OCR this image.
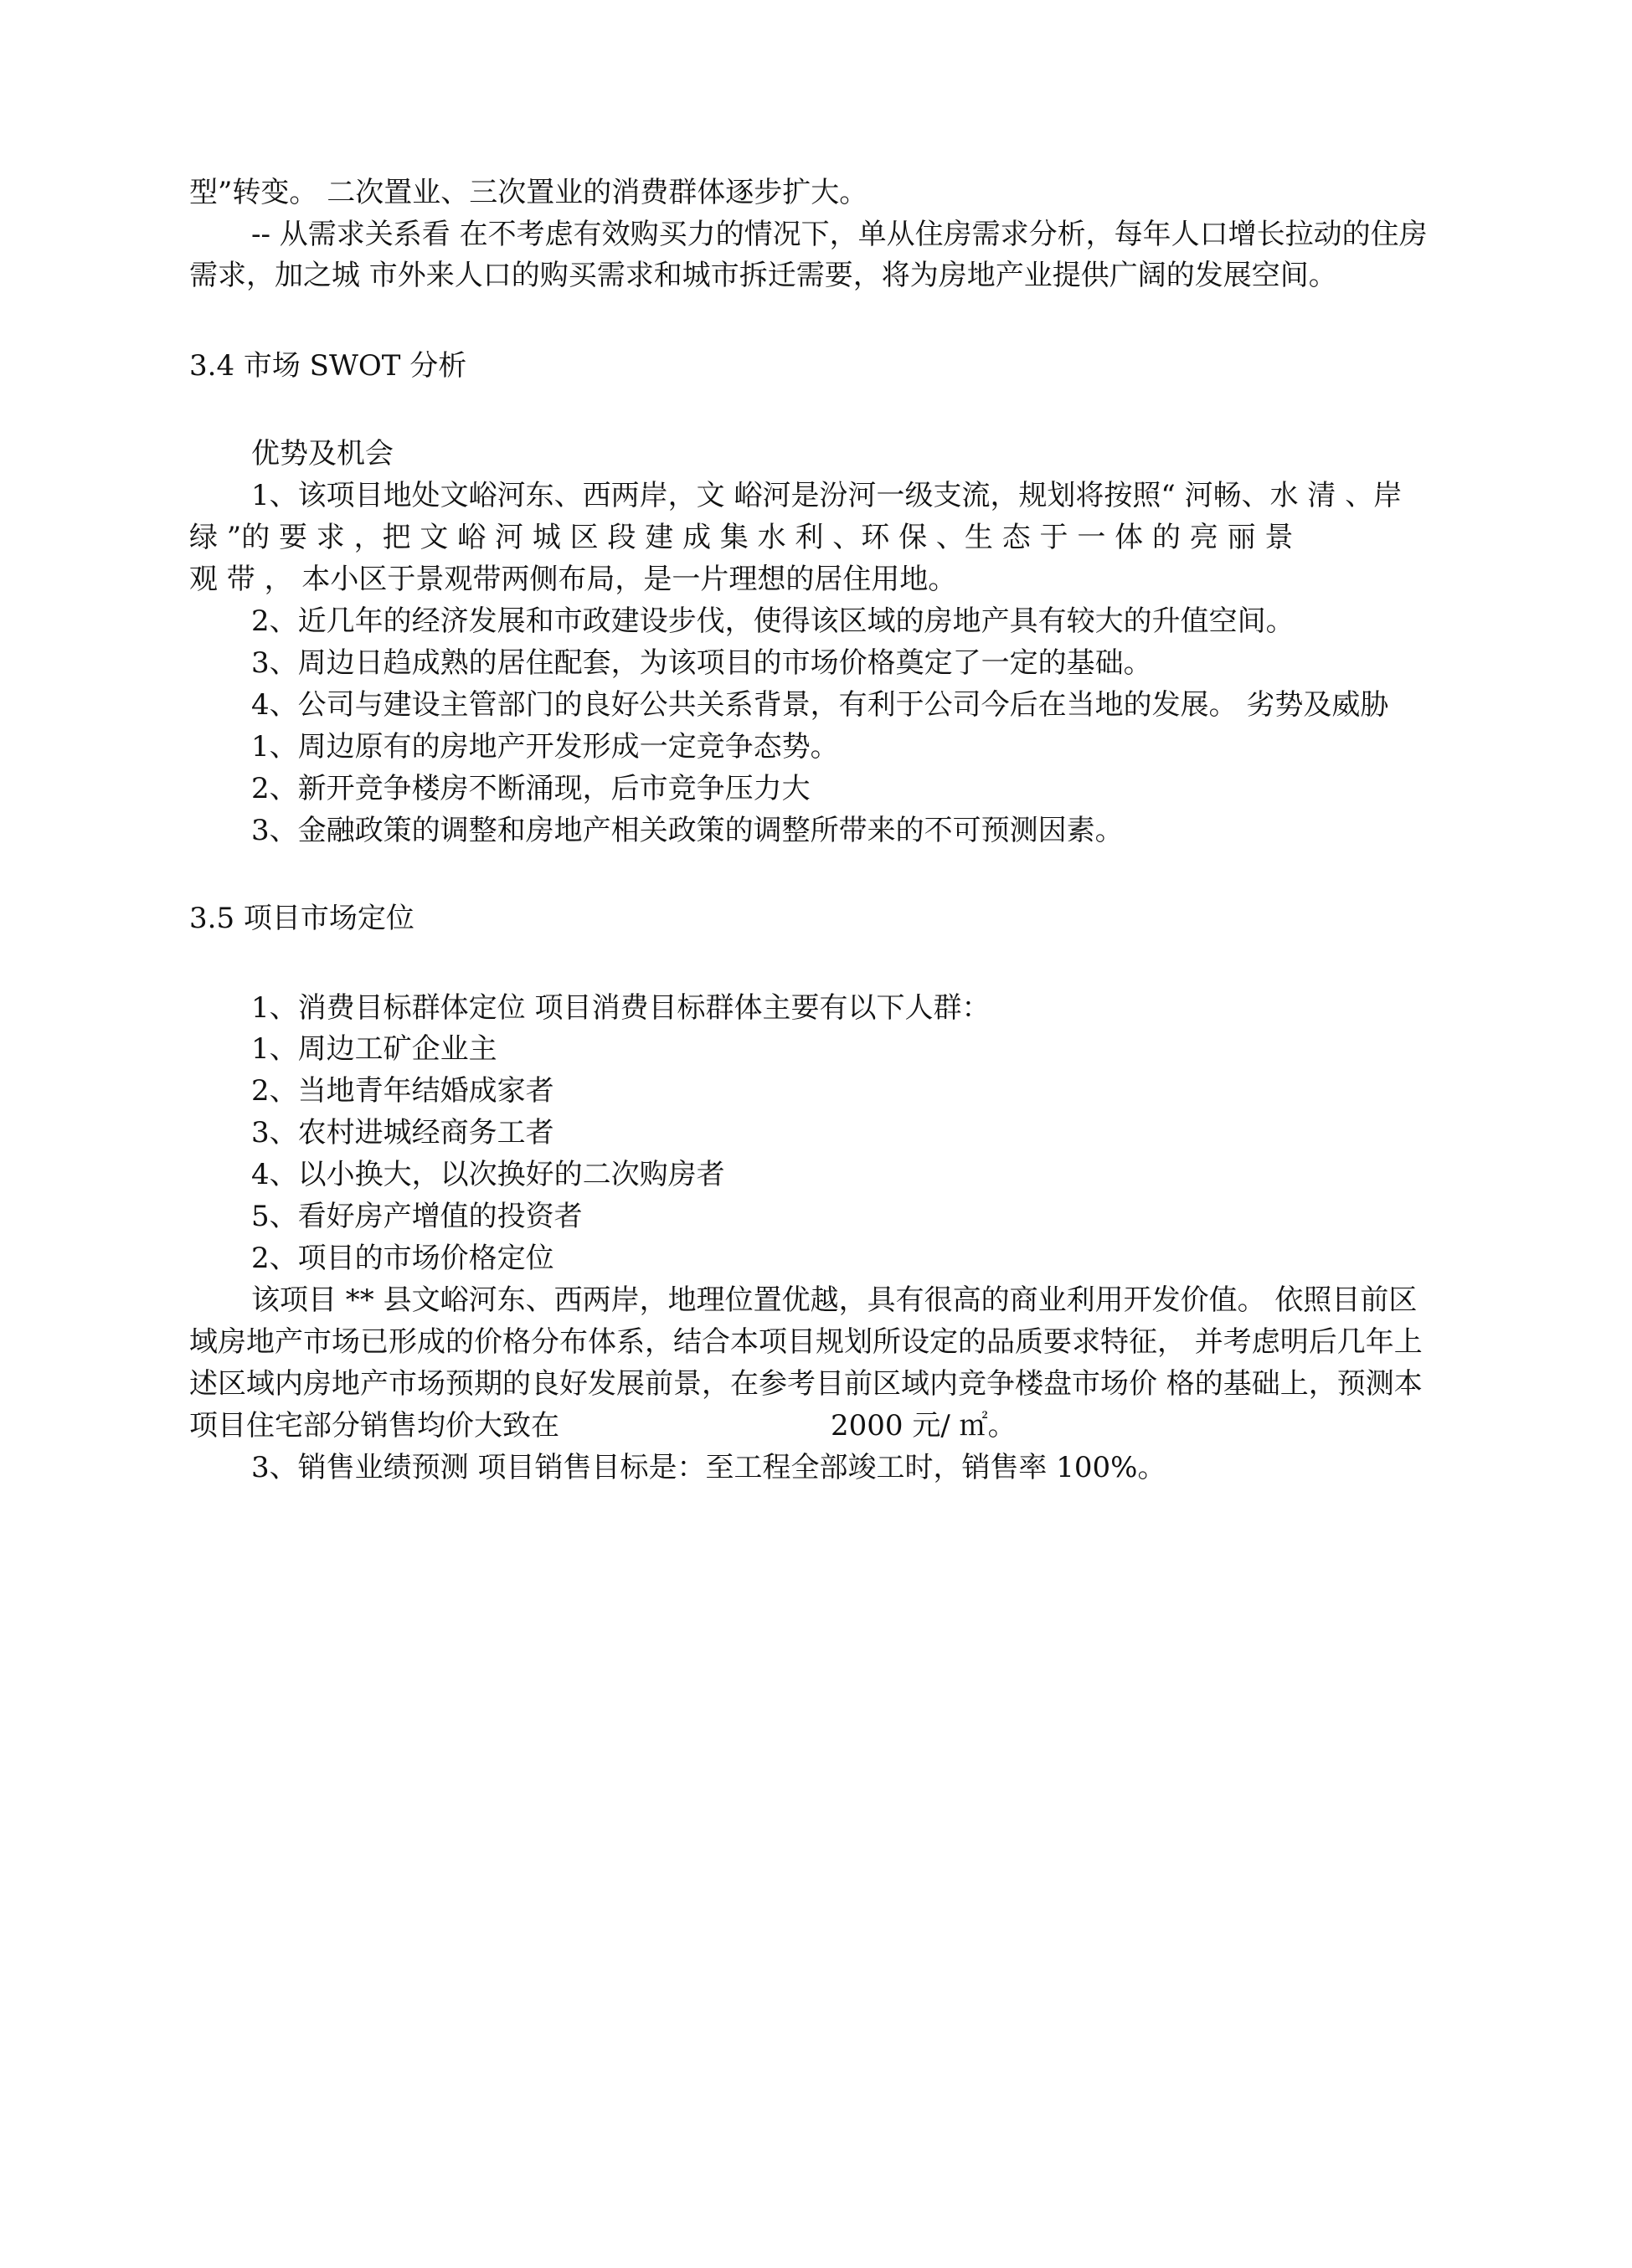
型”转变。 二次置业、三次置业的消费群体逐步扩大。
-- 从需求关系看 在不考虑有效购买力的情况下，单从住房需求分析，每年人口增长拉动的住房
需求，加之城 市外来人口的购买需求和城市拆迁需要，将为房地产业提供广阔的发展空间。
3.4 市场 SWOT 分析
优势及机会
1、该项目地处文峪河东、西两岸，文 峪河是汾河一级支流，规划将按照“ 河畅、水 清 、岸
绿 ”的 要 求 ，把 文 峪 河 城 区 段 建 成 集 水 利 、环 保 、生 态 于 一 体 的 亮 丽 景
观 带 ， 本小区于景观带两侧布局，是一片理想的居住用地。
2、近几年的经济发展和市政建设步伐，使得该区域的房地产具有较大的升值空间。
3、周边日趋成熟的居住配套，为该项目的市场价格奠定了一定的基础。
4、公司与建设主管部门的良好公共关系背景，有利于公司今后在当地的发展。 劣势及威胁
1、周边原有的房地产开发形成一定竞争态势。
2、新开竞争楼房不断涌现，后市竞争压力大
3、金融政策的调整和房地产相关政策的调整所带来的不可预测因素。
3.5 项目市场定位
1、消费目标群体定位 项目消费目标群体主要有以下人群：
1、周边工矿企业主
2、当地青年结婚成家者
3、农村进城经商务工者
4、以小换大，以次换好的二次购房者
5、看好房产增值的投资者
2、项目的市场价格定位
该项目 ** 县文峪河东、西两岸，地理位置优越，具有很高的商业利用开发价值。 依照目前区
域房地产市场已形成的价格分布体系，结合本项目规划所设定的品质要求特征， 并考虑明后几年上
述区域内房地产市场预期的良好发展前景，在参考目前区域内竞争楼盘市场价 格的基础上，预测本
项目住宅部分销售均价大致在	2000 元/ ㎡。
3、销售业绩预测 项目销售目标是：至工程全部竣工时，销售率 100%。
